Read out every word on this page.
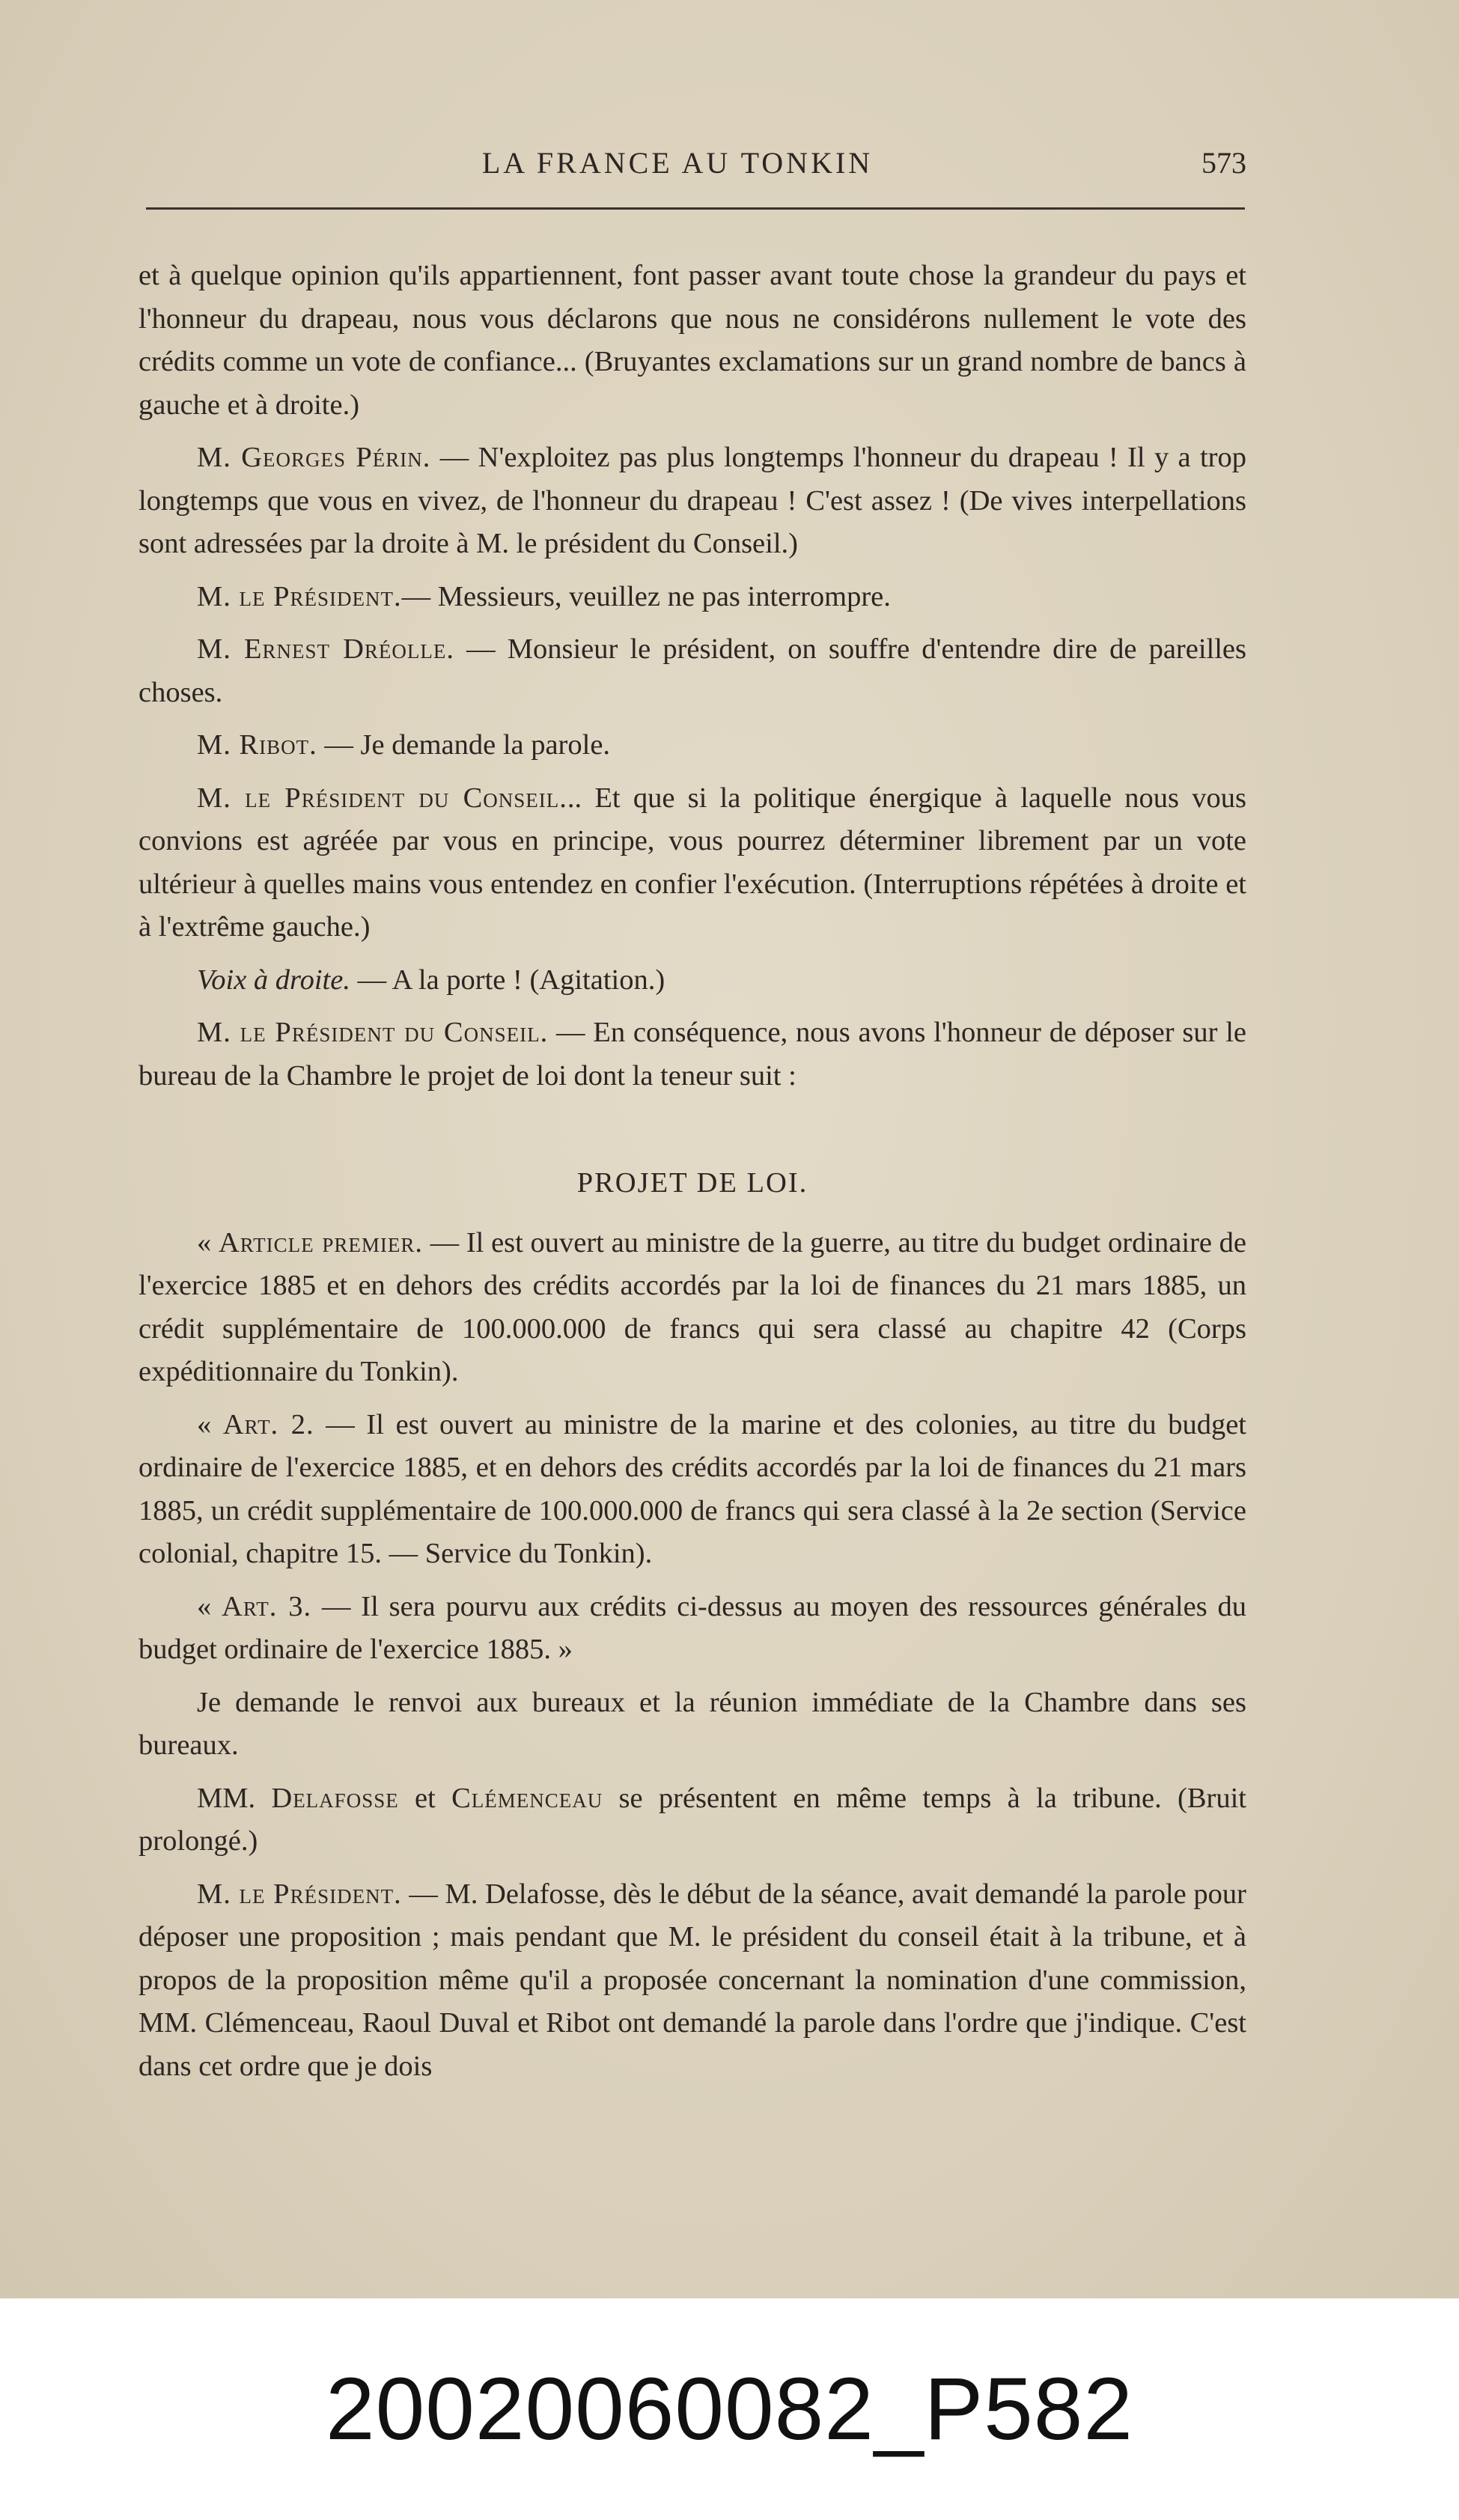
LA FRANCE AU TONKIN	573

et à quelque opinion qu'ils appartiennent, font passer avant toute chose la grandeur du pays et l'honneur du drapeau, nous vous déclarons que nous ne considérons nullement le vote des crédits comme un vote de confiance... (Bruyantes exclamations sur un grand nombre de bancs à gauche et à droite.)

M. Georges Périn. — N'exploitez pas plus longtemps l'honneur du drapeau ! Il y a trop longtemps que vous en vivez, de l'honneur du drapeau ! C'est assez ! (De vives interpellations sont adressées par la droite à M. le président du Conseil.)

M. le Président.— Messieurs, veuillez ne pas interrompre.

M. Ernest Dréolle. — Monsieur le président, on souffre d'entendre dire de pareilles choses.

M. Ribot. — Je demande la parole.

M. le Président du Conseil... Et que si la politique énergique à laquelle nous vous convions est agréée par vous en principe, vous pourrez déterminer librement par un vote ultérieur à quelles mains vous entendez en confier l'exécution. (Interruptions répétées à droite et à l'extrême gauche.)

Voix à droite. — A la porte ! (Agitation.)

M. le Président du Conseil. — En conséquence, nous avons l'honneur de déposer sur le bureau de la Chambre le projet de loi dont la teneur suit :

PROJET DE LOI.

« Article premier. — Il est ouvert au ministre de la guerre, au titre du budget ordinaire de l'exercice 1885 et en dehors des crédits accordés par la loi de finances du 21 mars 1885, un crédit supplémentaire de 100.000.000 de francs qui sera classé au chapitre 42 (Corps expéditionnaire du Tonkin).

« Art. 2. — Il est ouvert au ministre de la marine et des colonies, au titre du budget ordinaire de l'exercice 1885, et en dehors des crédits accordés par la loi de finances du 21 mars 1885, un crédit supplémentaire de 100.000.000 de francs qui sera classé à la 2e section (Service colonial, chapitre 15. — Service du Tonkin).

« Art. 3. — Il sera pourvu aux crédits ci-dessus au moyen des ressources générales du budget ordinaire de l'exercice 1885. »

Je demande le renvoi aux bureaux et la réunion immédiate de la Chambre dans ses bureaux.

MM. Delafosse et Clémenceau se présentent en même temps à la tribune. (Bruit prolongé.)

M. le Président. — M. Delafosse, dès le début de la séance, avait demandé la parole pour déposer une proposition ; mais pendant que M. le président du conseil était à la tribune, et à propos de la proposition même qu'il a proposée concernant la nomination d'une commission, MM. Clémenceau, Raoul Duval et Ribot ont demandé la parole dans l'ordre que j'indique. C'est dans cet ordre que je dois

20020060082_P582
